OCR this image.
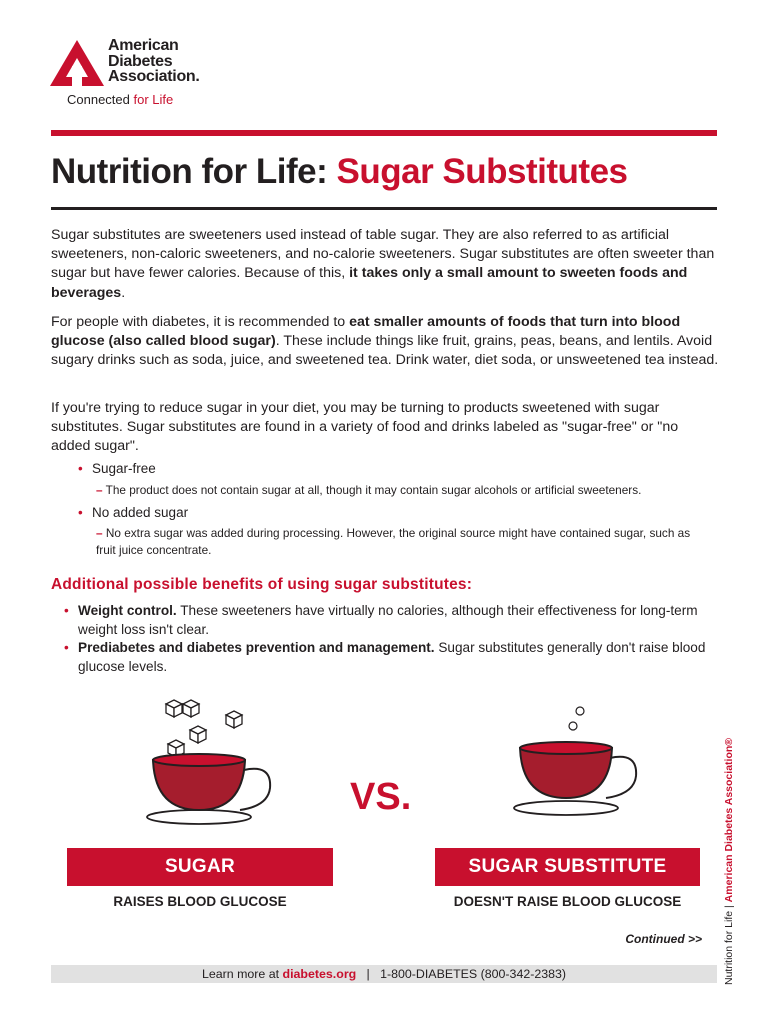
American
Diabetes
Association.
Connected for Life
Nutrition for Life: Sugar Substitutes
Sugar substitutes are sweeteners used instead of table sugar. They are also referred to as artificial sweeteners, non-caloric sweeteners, and no-calorie sweeteners. Sugar substitutes are often sweeter than sugar but have fewer calories. Because of this, it takes only a small amount to sweeten foods and beverages.
For people with diabetes, it is recommended to eat smaller amounts of foods that turn into blood glucose (also called blood sugar). These include things like fruit, grains, peas, beans, and lentils. Avoid sugary drinks such as soda, juice, and sweetened tea. Drink water, diet soda, or unsweetened tea instead.
If you're trying to reduce sugar in your diet, you may be turning to products sweetened with sugar substitutes. Sugar substitutes are found in a variety of food and drinks labeled as "sugar-free" or "no added sugar".
• Sugar-free
– The product does not contain sugar at all, though it may contain sugar alcohols or artificial sweeteners.
• No added sugar
– No extra sugar was added during processing. However, the original source might have contained sugar, such as fruit juice concentrate.
Additional possible benefits of using sugar substitutes:
• Weight control. These sweeteners have virtually no calories, although their effectiveness for long-term weight loss isn't clear.
• Prediabetes and diabetes prevention and management. Sugar substitutes generally don't raise blood glucose levels.
VS.
SUGAR	SUGAR SUBSTITUTE
RAISES BLOOD GLUCOSE	DOESN'T RAISE BLOOD GLUCOSE
Continued >>
Learn more at diabetes.org | 1-800-DIABETES (800-342-2383)	Nutrition for Life | American Diabetes Association®
